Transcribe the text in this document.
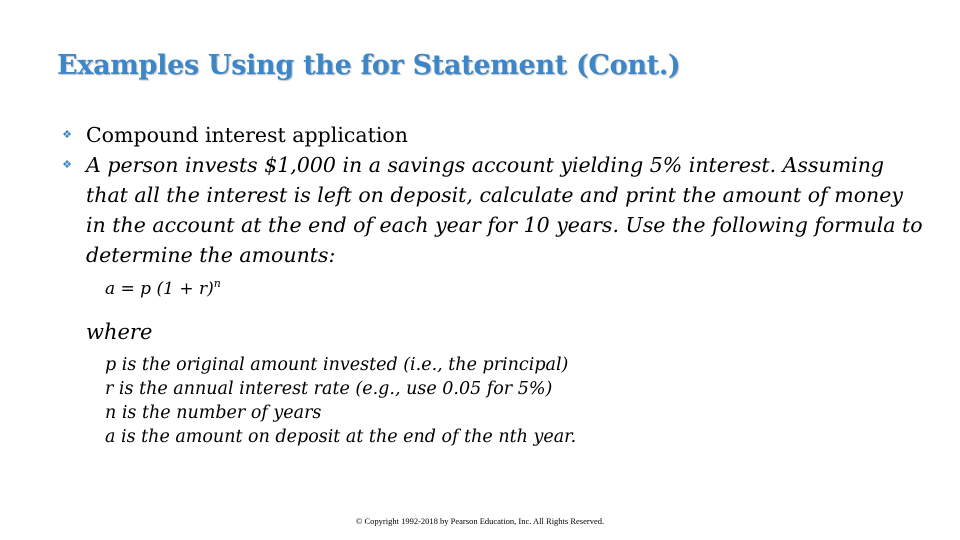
Examples Using the for Statement (Cont.)
❖ Compound interest application
❖ A person invests $1,000 in a savings account yielding 5% interest. Assuming that all the interest is left on deposit, calculate and print the amount of money in the account at the end of each year for 10 years. Use the following formula to determine the amounts:
a = p $(1 + r)^n$
where
p is the original amount invested (i.e., the principal)
r is the annual interest rate (e.g., use 0.05 for 5%)
n is the number of years
a is the amount on deposit at the end of the nth year.
© Copyright 1992-2018 by Pearson Education, Inc. All Rights Reserved.
